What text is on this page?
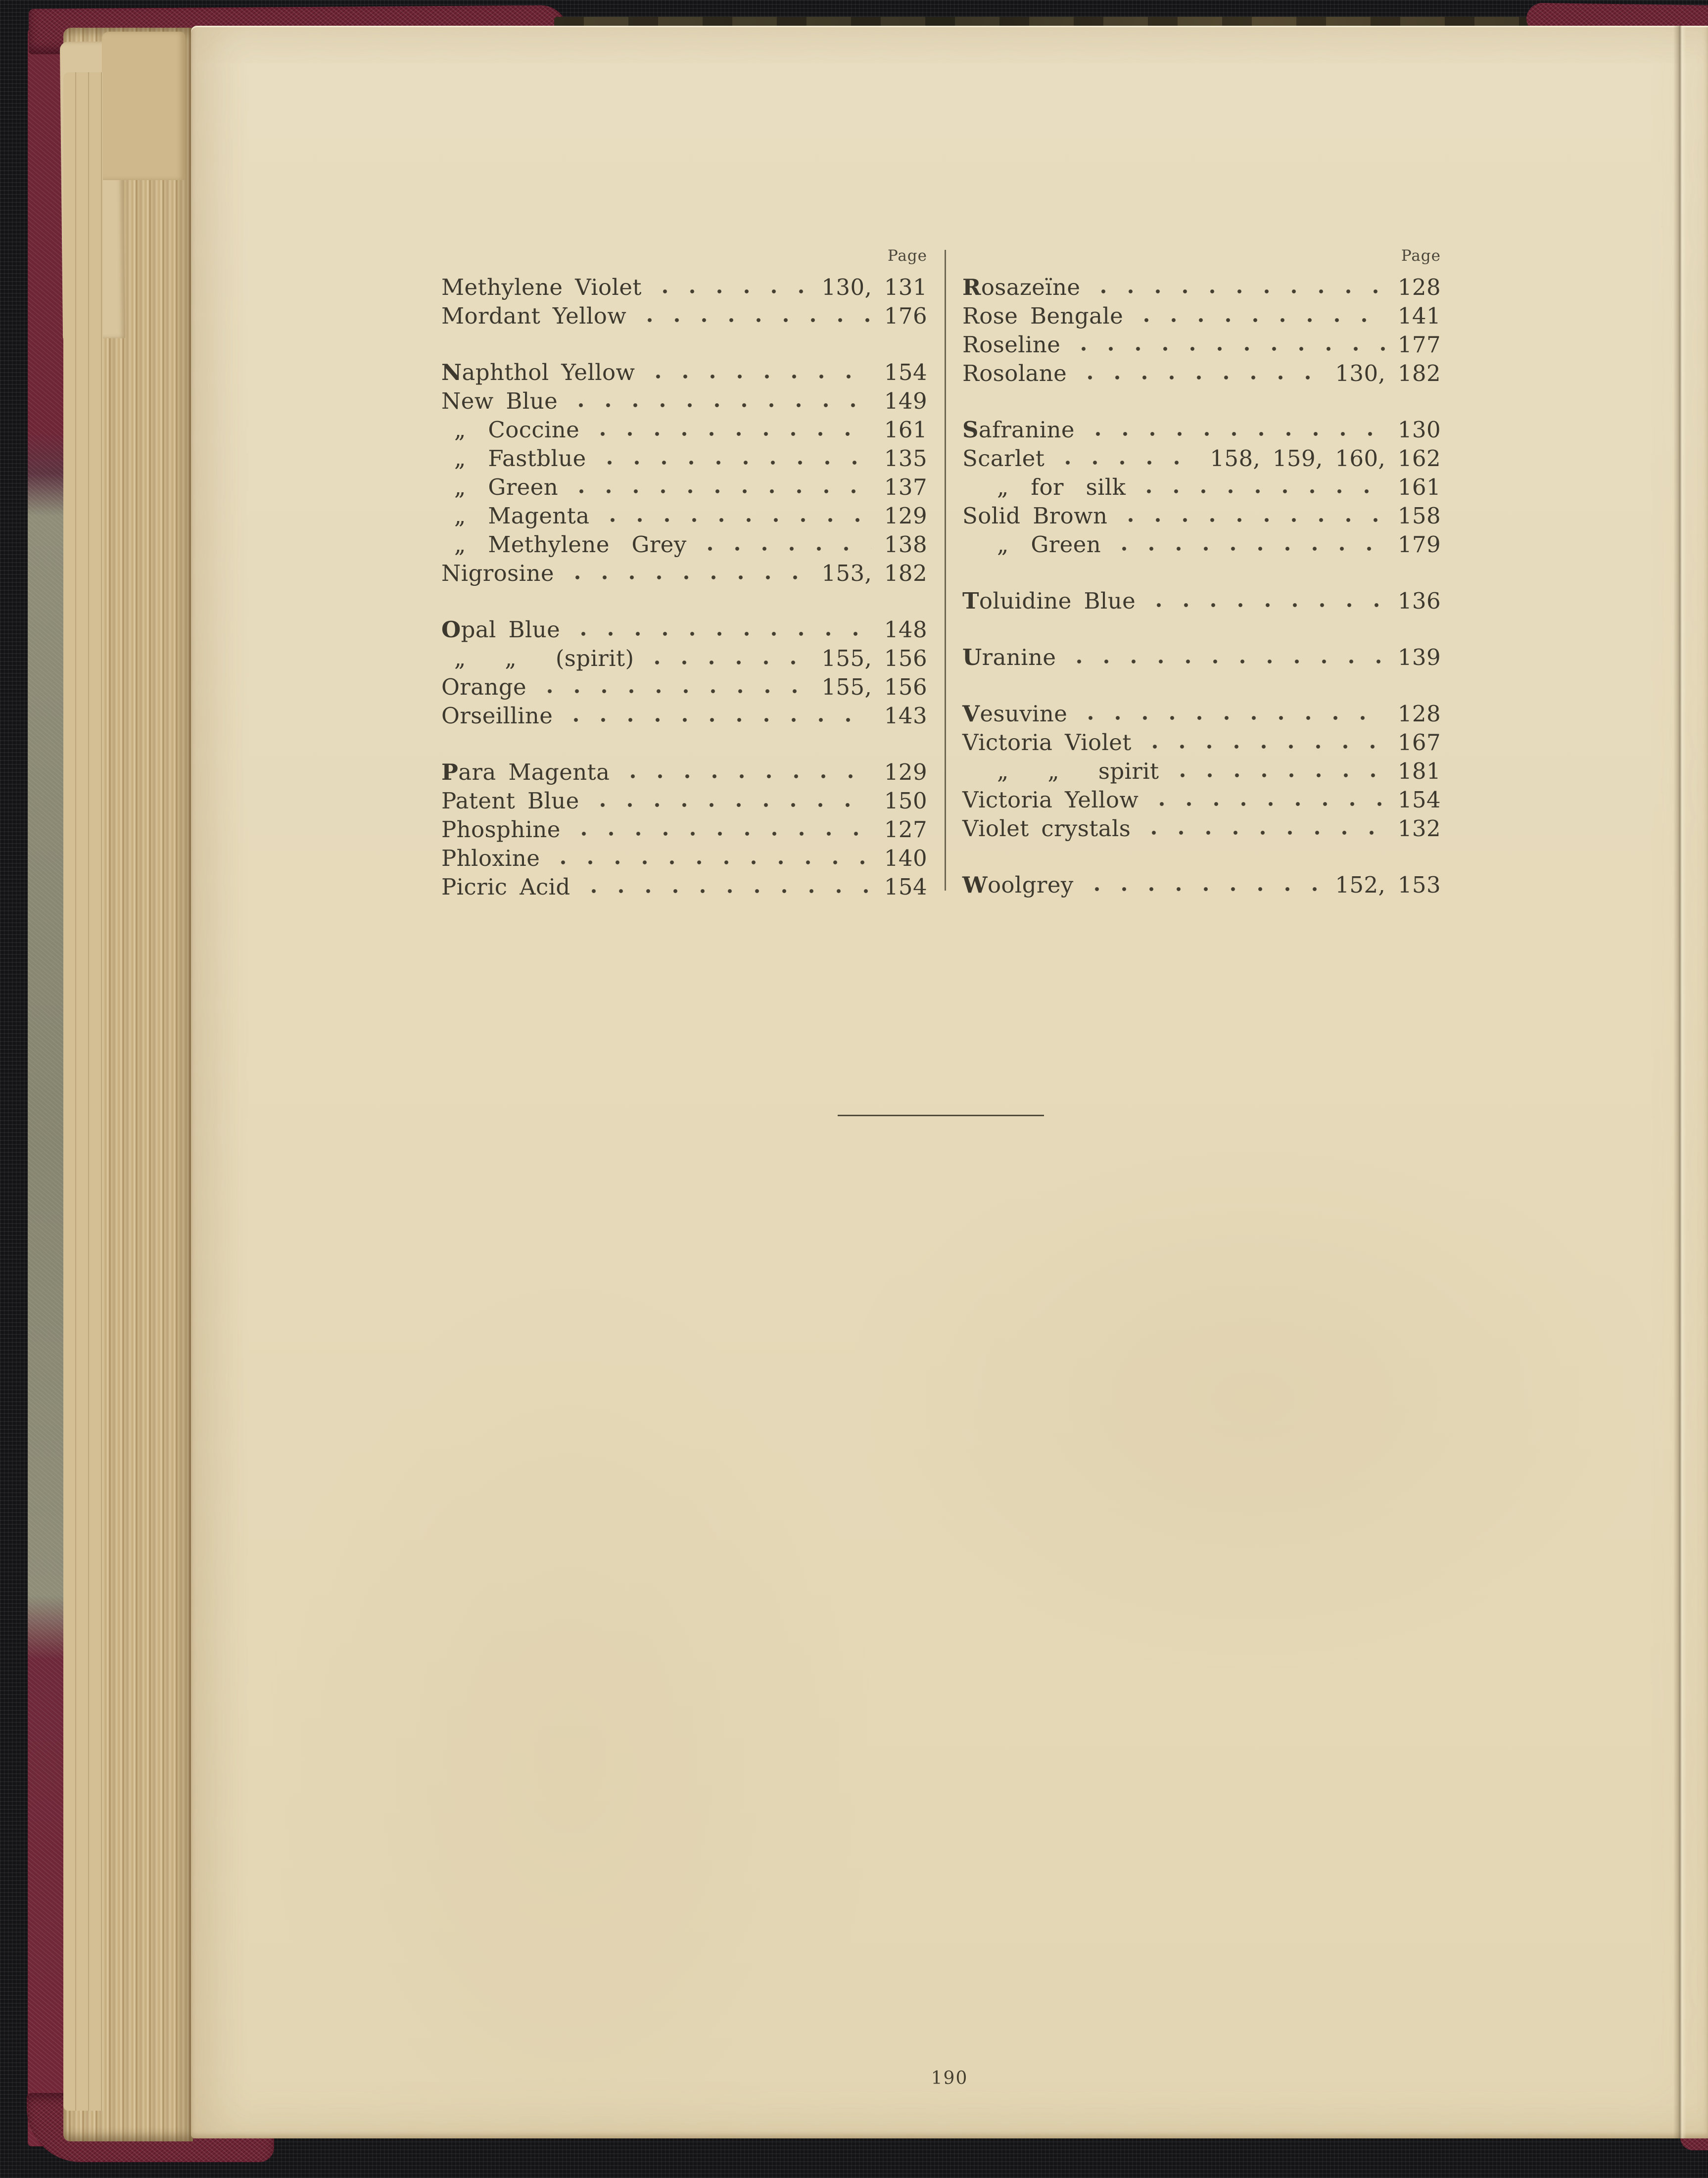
Page
Methylene Violet	130, 131
Mordant Yellow	176
Naphthol Yellow	154
New Blue	149
„ Coccine	161
„ Fastblue	135
„ Green	137
„ Magenta	129
„ Methylene Grey	138
Nigrosine	153, 182
Opal Blue	148
„ „ (spirit)	155, 156
Orange	155, 156
Orseilline	143
Para Magenta	129
Patent Blue	150
Phosphine	127
Phloxine	140
Picric Acid	154
Page
Rosazeïne	128
Rose Bengale	141
Roseline	177
Rosolane	130, 182
Safranine	130
Scarlet	158, 159, 160, 162
„ for silk	161
Solid Brown	158
„ Green	179
Toluidine Blue	136
Uranine	139
Vesuvine	128
Victoria Violet	167
„ „ spirit	181
Victoria Yellow	154
Violet crystals	132
Woolgrey	152, 153
190
